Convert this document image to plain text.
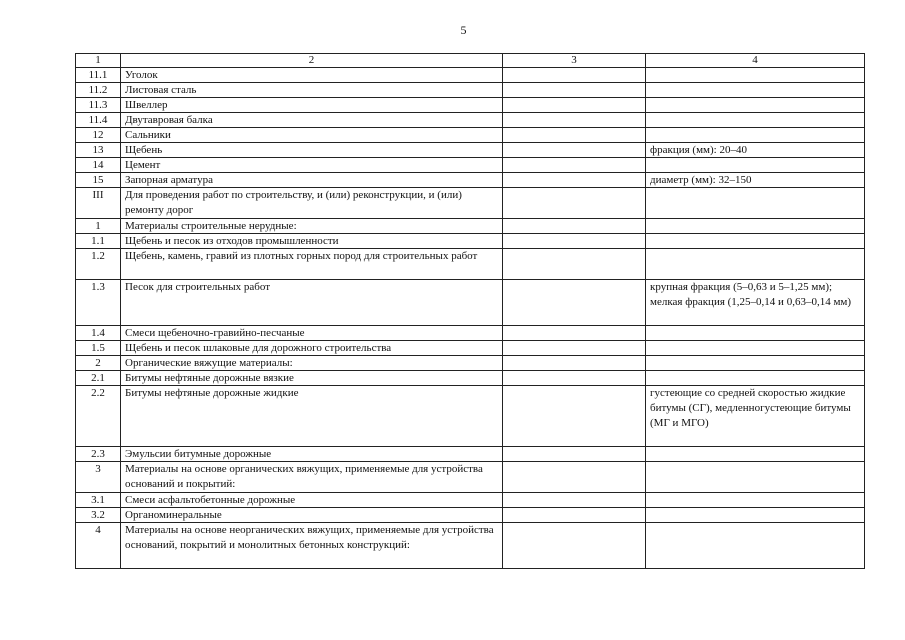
5
1	2	3	4
11.1	Уголок		
11.2	Листовая сталь		
11.3	Швеллер		
11.4	Двутавровая балка		
12	Сальники		
13	Щебень		фракция (мм): 20–40
14	Цемент		
15	Запорная арматура		диаметр (мм): 32–150
III	Для проведения работ по строительству, и (или) реконструкции, и (или) ремонту дорог		
1	Материалы строительные нерудные:		
1.1	Щебень и песок из отходов промышленности		
1.2	Щебень, камень, гравий из плотных горных пород для строительных работ		
1.3	Песок для строительных работ		крупная фракция (5–0,63 и 5–1,25 мм); мелкая фракция (1,25–0,14 и 0,63–0,14 мм)
1.4	Смеси щебеночно-гравийно-песчаные		
1.5	Щебень и песок шлаковые для дорожного строительства		
2	Органические вяжущие материалы:		
2.1	Битумы нефтяные дорожные вязкие		
2.2	Битумы нефтяные дорожные жидкие		густеющие со средней скоростью жидкие битумы (СГ), медленногустеющие битумы (МГ и МГО)
2.3	Эмульсии битумные дорожные		
3	Материалы на основе органических вяжущих, применяемые для устройства оснований и покрытий:		
3.1	Смеси асфальтобетонные дорожные		
3.2	Органоминеральные		
4	Материалы на основе неорганических вяжущих, применяемые для устройства оснований, покрытий и монолитных бетонных конструкций:		
